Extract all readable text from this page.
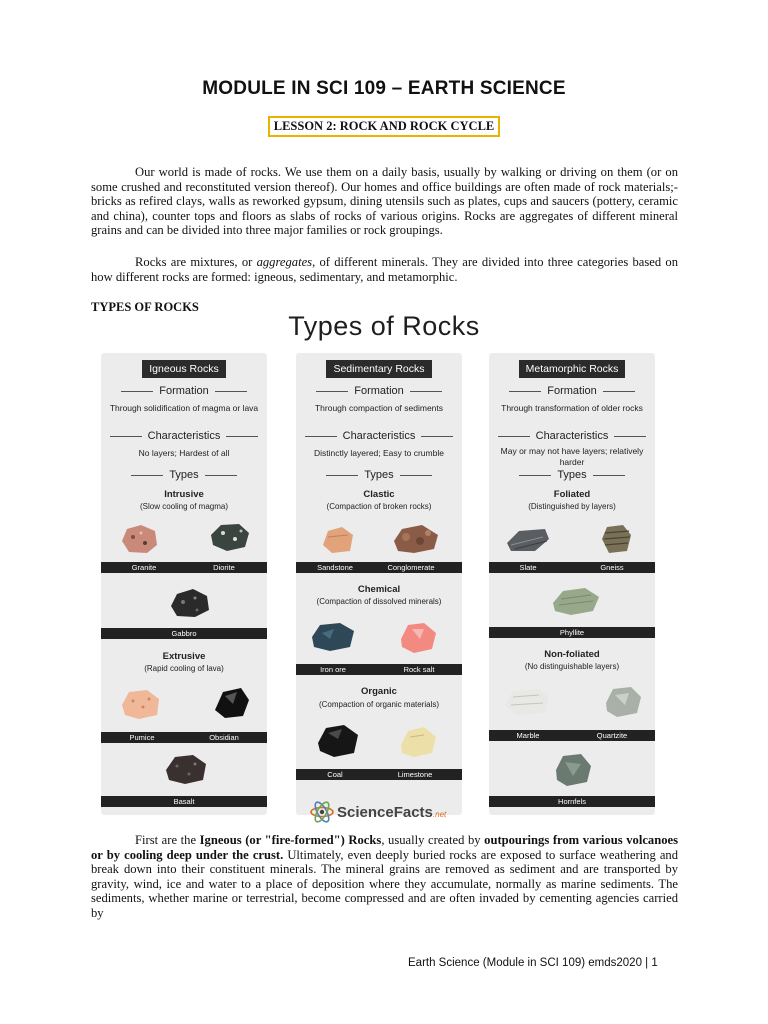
MODULE IN SCI 109 – EARTH SCIENCE
LESSON 2: ROCK AND ROCK CYCLE

Our world is made of rocks. We use them on a daily basis, usually by walking or driving on them (or on some crushed and reconstituted version thereof). Our homes and office buildings are often made of rock materials;- bricks as refired clays, walls as reworked gypsum, dining utensils such as plates, cups and saucers (pottery, ceramic and china), counter tops and floors as slabs of rocks of various origins. Rocks are aggregates of different mineral grains and can be divided into three major families or rock groupings.

Rocks are mixtures, or aggregates, of different minerals. They are divided into three categories based on how different rocks are formed: igneous, sedimentary, and metamorphic.

TYPES OF ROCKS
Types of Rocks
Igneous Rocks
Formation
Through solidification of magma or lava
Characteristics
No layers; Hardest of all
Types
Intrusive
(Slow cooling of magma)
Granite	Diorite
Gabbro
Extrusive
(Rapid cooling of lava)
Pumice	Obsidian
Basalt
Sedimentary Rocks
Formation
Through compaction of sediments
Characteristics
Distinctly layered; Easy to crumble
Types
Clastic
(Compaction of broken rocks)
Sandstone	Conglomerate
Chemical
(Compaction of dissolved minerals)
Iron ore	Rock salt
Organic
(Compaction of organic materials)
Coal	Limestone
Metamorphic Rocks
Formation
Through transformation of older rocks
Characteristics
May or may not have layers; relatively harder
Types
Foliated
(Distinguished by layers)
Slate	Gneiss
Phyllite
Non-foliated
(No distinguishable layers)
Marble	Quartzite
Hornfels
ScienceFacts.net

First are the Igneous (or "fire-formed") Rocks, usually created by outpourings from various volcanoes or by cooling deep under the crust. Ultimately, even deeply buried rocks are exposed to surface weathering and break down into their constituent minerals. The mineral grains are removed as sediment and are transported by gravity, wind, ice and water to a place of deposition where they accumulate, normally as marine sediments. The sediments, whether marine or terrestrial, become compressed and are often invaded by cementing agencies carried by

Earth Science (Module in SCI 109) emds2020 | 1
